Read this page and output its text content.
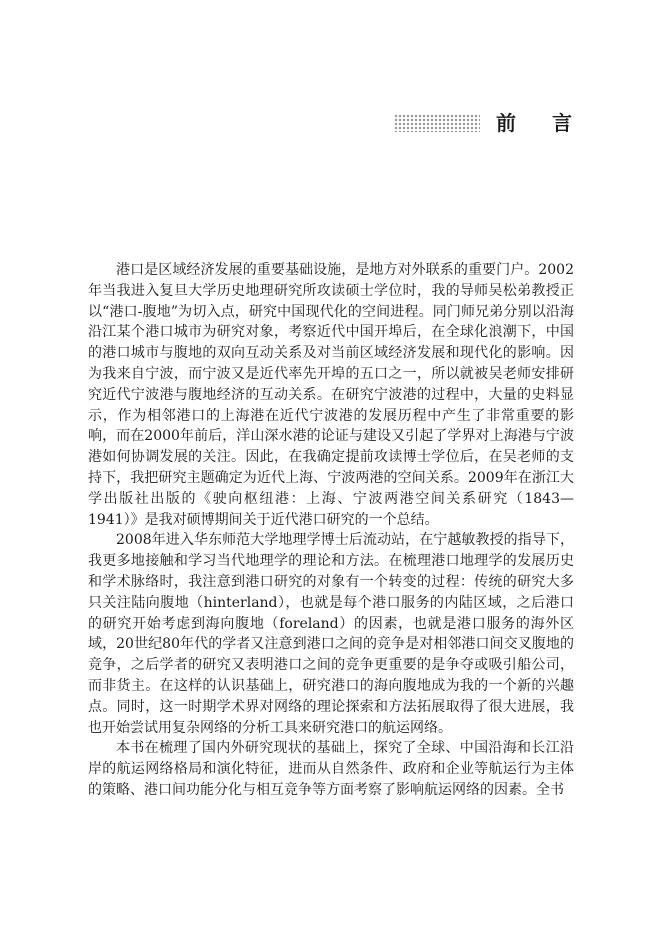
前言

港口是区域经济发展的重要基础设施，是地方对外联系的重要门户。2002年当我进入复旦大学历史地理研究所攻读硕士学位时，我的导师吴松弟教授正以“港口-腹地”为切入点，研究中国现代化的空间进程。同门师兄弟分别以沿海沿江某个港口城市为研究对象，考察近代中国开埠后，在全球化浪潮下，中国的港口城市与腹地的双向互动关系及对当前区域经济发展和现代化的影响。因为我来自宁波，而宁波又是近代率先开埠的五口之一，所以就被吴老师安排研究近代宁波港与腹地经济的互动关系。在研究宁波港的过程中，大量的史料显示，作为相邻港口的上海港在近代宁波港的发展历程中产生了非常重要的影响，而在2000年前后，洋山深水港的论证与建设又引起了学界对上海港与宁波港如何协调发展的关注。因此，在我确定提前攻读博士学位后，在吴老师的支持下，我把研究主题确定为近代上海、宁波两港的空间关系。2009年在浙江大学出版社出版的《驶向枢纽港：上海、宁波两港空间关系研究（1843—1941）》是我对硕博期间关于近代港口研究的一个总结。

2008年进入华东师范大学地理学博士后流动站，在宁越敏教授的指导下，我更多地接触和学习当代地理学的理论和方法。在梳理港口地理学的发展历史和学术脉络时，我注意到港口研究的对象有一个转变的过程：传统的研究大多只关注陆向腹地（hinterland），也就是每个港口服务的内陆区域，之后港口的研究开始考虑到海向腹地（foreland）的因素，也就是港口服务的海外区域，20世纪80年代的学者又注意到港口之间的竞争是对相邻港口间交叉腹地的竞争，之后学者的研究又表明港口之间的竞争更重要的是争夺或吸引船公司，而非货主。在这样的认识基础上，研究港口的海向腹地成为我的一个新的兴趣点。同时，这一时期学术界对网络的理论探索和方法拓展取得了很大进展，我也开始尝试用复杂网络的分析工具来研究港口的航运网络。

本书在梳理了国内外研究现状的基础上，探究了全球、中国沿海和长江沿岸的航运网络格局和演化特征，进而从自然条件、政府和企业等航运行为主体的策略、港口间功能分化与相互竞争等方面考察了影响航运网络的因素。全书
